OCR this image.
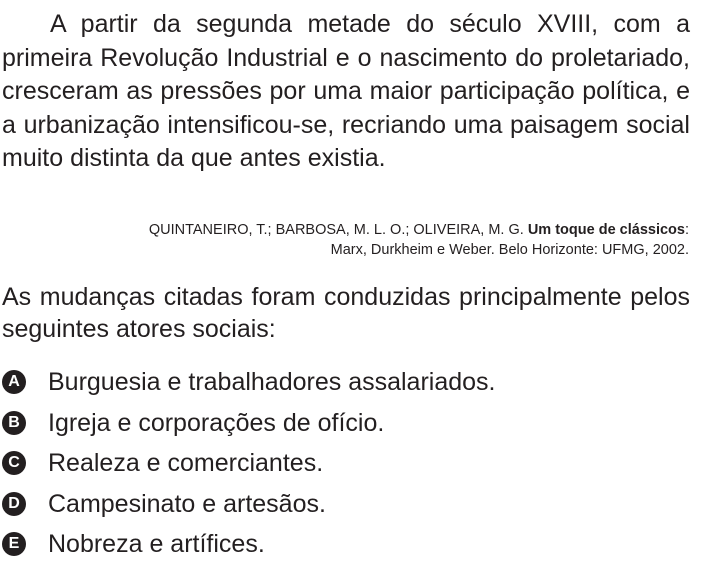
A partir da segunda metade do século XVIII, com a primeira Revolução Industrial e o nascimento do proletariado, cresceram as pressões por uma maior participação política, e a urbanização intensificou-se, recriando uma paisagem social muito distinta da que antes existia.

QUINTANEIRO, T.; BARBOSA, M. L. O.; OLIVEIRA, M. G. Um toque de clássicos:
Marx, Durkheim e Weber. Belo Horizonte: UFMG, 2002.

As mudanças citadas foram conduzidas principalmente pelos seguintes atores sociais:

A Burguesia e trabalhadores assalariados.
B Igreja e corporações de ofício.
C Realeza e comerciantes.
D Campesinato e artesãos.
E Nobreza e artífices.
